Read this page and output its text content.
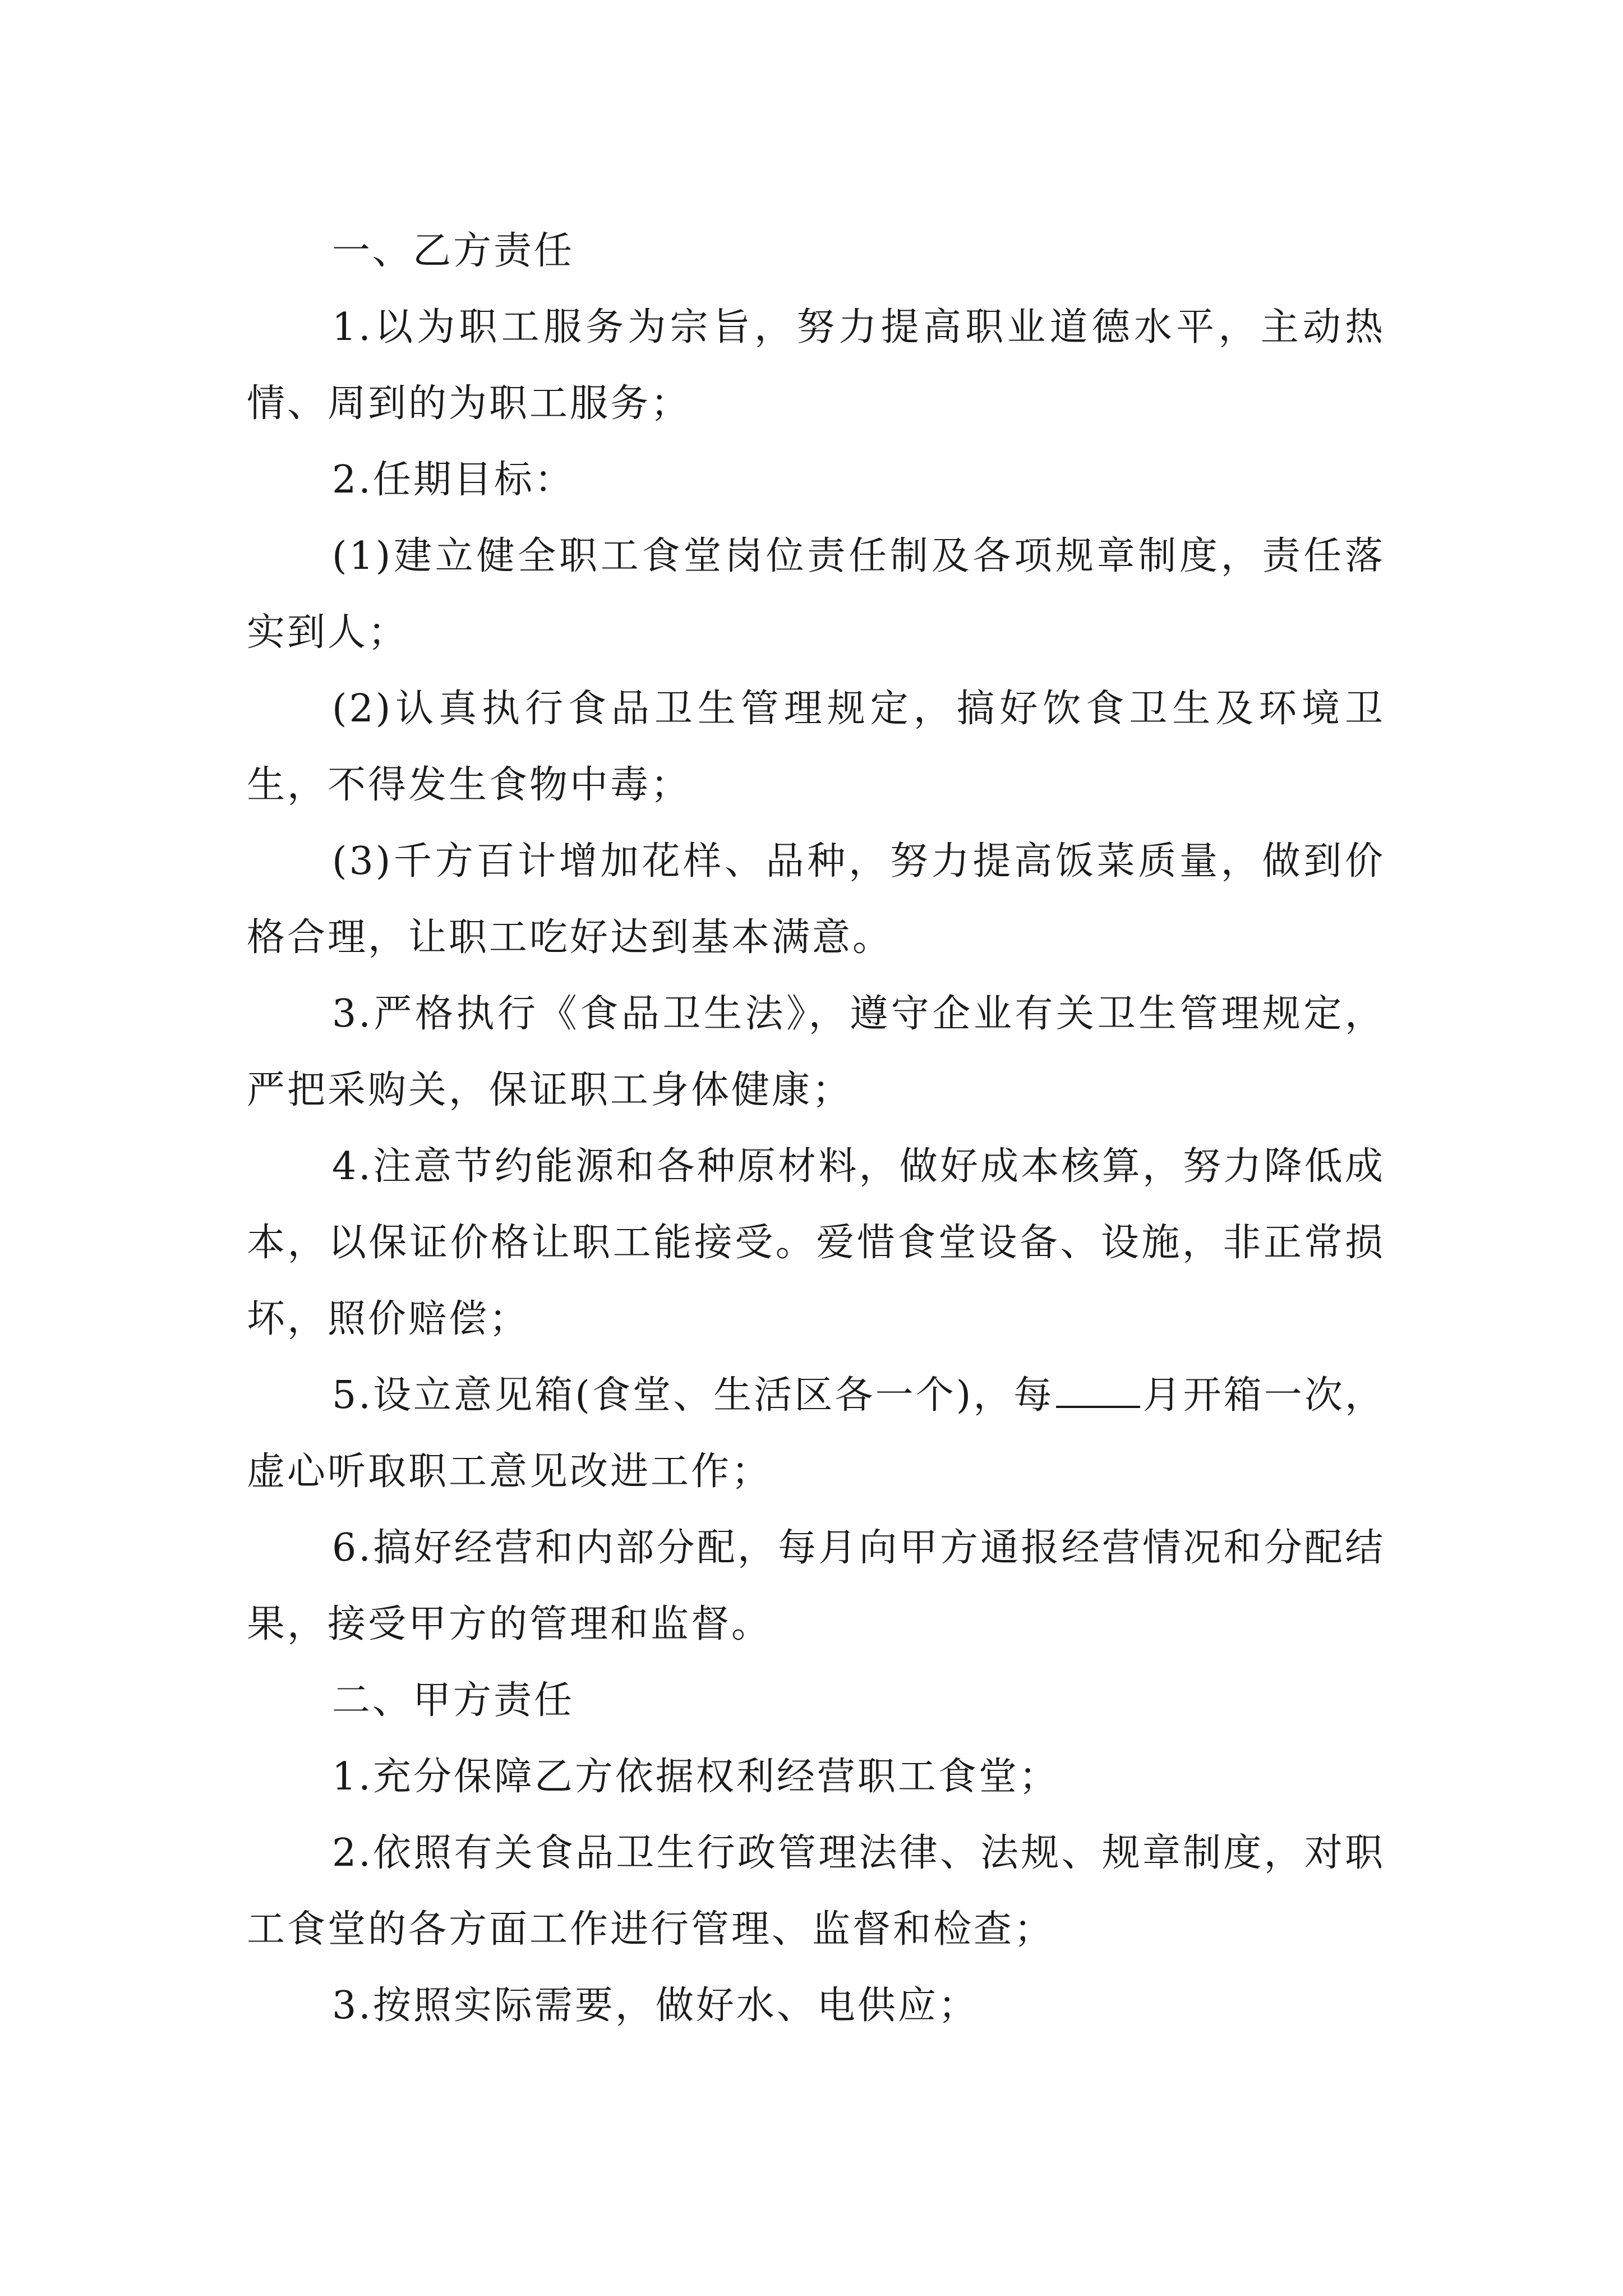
一、乙方责任

1.以为职工服务为宗旨，努力提高职业道德水平，主动热情、周到的为职工服务；

2.任期目标：

(1)建立健全职工食堂岗位责任制及各项规章制度，责任落实到人；

(2)认真执行食品卫生管理规定，搞好饮食卫生及环境卫生，不得发生食物中毒；

(3)千方百计增加花样、品种，努力提高饭菜质量，做到价格合理，让职工吃好达到基本满意。

3.严格执行《食品卫生法》，遵守企业有关卫生管理规定，严把采购关，保证职工身体健康；

4.注意节约能源和各种原材料，做好成本核算，努力降低成本，以保证价格让职工能接受。爱惜食堂设备、设施，非正常损坏，照价赔偿；

5.设立意见箱(食堂、生活区各一个)，每 月开箱一次，虚心听取职工意见改进工作；

6.搞好经营和内部分配，每月向甲方通报经营情况和分配结果，接受甲方的管理和监督。

二、甲方责任

1.充分保障乙方依据权利经营职工食堂；

2.依照有关食品卫生行政管理法律、法规、规章制度，对职工食堂的各方面工作进行管理、监督和检查；

3.按照实际需要，做好水、电供应；
